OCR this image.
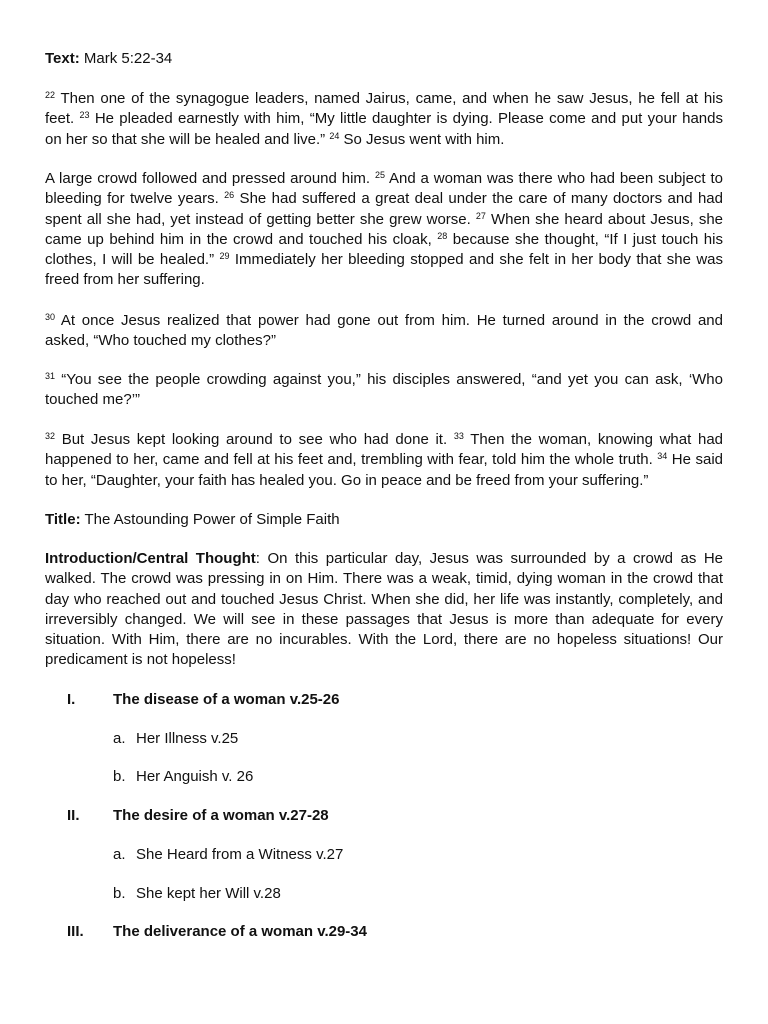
Text: Mark 5:22-34

$^{22}$ Then one of the synagogue leaders, named Jairus, came, and when he saw Jesus, he fell at his feet. $^{23}$ He pleaded earnestly with him, “My little daughter is dying. Please come and put your hands on her so that she will be healed and live.” $^{24}$ So Jesus went with him.

A large crowd followed and pressed around him. $^{25}$ And a woman was there who had been subject to bleeding for twelve years. $^{26}$ She had suffered a great deal under the care of many doctors and had spent all she had, yet instead of getting better she grew worse. $^{27}$ When she heard about Jesus, she came up behind him in the crowd and touched his cloak, $^{28}$ because she thought, “If I just touch his clothes, I will be healed.” $^{29}$ Immediately her bleeding stopped and she felt in her body that she was freed from her suffering.

$^{30}$ At once Jesus realized that power had gone out from him. He turned around in the crowd and asked, “Who touched my clothes?”

$^{31}$ “You see the people crowding against you,” his disciples answered, “and yet you can ask, ‘Who touched me?’”

$^{32}$ But Jesus kept looking around to see who had done it. $^{33}$ Then the woman, knowing what had happened to her, came and fell at his feet and, trembling with fear, told him the whole truth. $^{34}$ He said to her, “Daughter, your faith has healed you. Go in peace and be freed from your suffering.”

Title: The Astounding Power of Simple Faith

Introduction/Central Thought: On this particular day, Jesus was surrounded by a crowd as He walked. The crowd was pressing in on Him. There was a weak, timid, dying woman in the crowd that day who reached out and touched Jesus Christ. When she did, her life was instantly, completely, and irreversibly changed. We will see in these passages that Jesus is more than adequate for every situation. With Him, there are no incurables. With the Lord, there are no hopeless situations! Our predicament is not hopeless!

I.	The disease of a woman v.25-26
a. Her Illness v.25
b. Her Anguish v. 26
II. The desire of a woman v.27-28
a. She Heard from a Witness v.27
b. She kept her Will v.28
III. The deliverance of a woman v.29-34
